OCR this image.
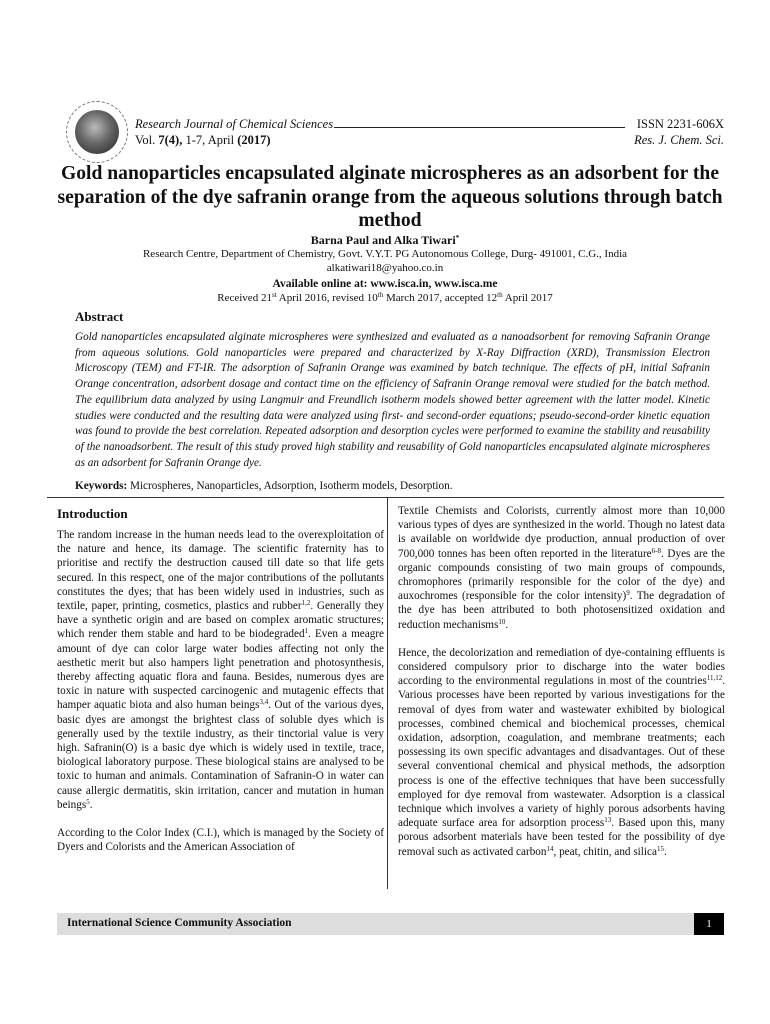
Research Journal of Chemical Sciences
Vol. 7(4), 1-7, April (2017)
ISSN 2231-606X
Res. J. Chem. Sci.
Gold nanoparticles encapsulated alginate microspheres as an adsorbent for the separation of the dye safranin orange from the aqueous solutions through batch method
Barna Paul and Alka Tiwari*
Research Centre, Department of Chemistry, Govt. V.Y.T. PG Autonomous College, Durg- 491001, C.G., India
alkatiwari18@yahoo.co.in
Available online at: www.isca.in, www.isca.me
Received 21st April 2016, revised 10th March 2017, accepted 12th April 2017
Abstract
Gold nanoparticles encapsulated alginate microspheres were synthesized and evaluated as a nanoadsorbent for removing Safranin Orange from aqueous solutions. Gold nanoparticles were prepared and characterized by X-Ray Diffraction (XRD), Transmission Electron Microscopy (TEM) and FT-IR. The adsorption of Safranin Orange was examined by batch technique. The effects of pH, initial Safranin Orange concentration, adsorbent dosage and contact time on the efficiency of Safranin Orange removal were studied for the batch method. The equilibrium data analyzed by using Langmuir and Freundlich isotherm models showed better agreement with the latter model. Kinetic studies were conducted and the resulting data were analyzed using first- and second-order equations; pseudo-second-order kinetic equation was found to provide the best correlation. Repeated adsorption and desorption cycles were performed to examine the stability and reusability of the nanoadsorbent. The result of this study proved high stability and reusability of Gold nanoparticles encapsulated alginate microspheres as an adsorbent for Safranin Orange dye.
Keywords: Microspheres, Nanoparticles, Adsorption, Isotherm models, Desorption.
Introduction

The random increase in the human needs lead to the overexploitation of the nature and hence, its damage. The scientific fraternity has to prioritise and rectify the destruction caused till date so that life gets secured. In this respect, one of the major contributions of the pollutants constitutes the dyes; that has been widely used in industries, such as textile, paper, printing, cosmetics, plastics and rubber$^{1,2}$. Generally they have a synthetic origin and are based on complex aromatic structures; which render them stable and hard to be biodegraded$^1$. Even a meagre amount of dye can color large water bodies affecting not only the aesthetic merit but also hampers light penetration and photosynthesis, thereby affecting aquatic flora and fauna. Besides, numerous dyes are toxic in nature with suspected carcinogenic and mutagenic effects that hamper aquatic biota and also human beings$^{3,4}$. Out of the various dyes, basic dyes are amongst the brightest class of soluble dyes which is generally used by the textile industry, as their tinctorial value is very high. Safranin(O) is a basic dye which is widely used in textile, trace, biological laboratory purpose. These biological stains are analysed to be toxic to human and animals. Contamination of Safranin-O in water can cause allergic dermatitis, skin irritation, cancer and mutation in human beings$^5$.

According to the Color Index (C.I.), which is managed by the Society of Dyers and Colorists and the American Association of

Textile Chemists and Colorists, currently almost more than 10,000 various types of dyes are synthesized in the world. Though no latest data is available on worldwide dye production, annual production of over 700,000 tonnes has been often reported in the literature$^{6-8}$. Dyes are the organic compounds consisting of two main groups of compounds, chromophores (primarily responsible for the color of the dye) and auxochromes (responsible for the color intensity)$^9$. The degradation of the dye has been attributed to both photosensitized oxidation and reduction mechanisms$^{10}$.

Hence, the decolorization and remediation of dye-containing effluents is considered compulsory prior to discharge into the water bodies according to the environmental regulations in most of the countries$^{11,12}$. Various processes have been reported by various investigations for the removal of dyes from water and wastewater exhibited by biological processes, combined chemical and biochemical processes, chemical oxidation, adsorption, coagulation, and membrane treatments; each possessing its own specific advantages and disadvantages. Out of these several conventional chemical and physical methods, the adsorption process is one of the effective techniques that have been successfully employed for dye removal from wastewater. Adsorption is a classical technique which involves a variety of highly porous adsorbents having adequate surface area for adsorption process$^{13}$. Based upon this, many porous adsorbent materials have been tested for the possibility of dye removal such as activated carbon$^{14}$, peat, chitin, and silica$^{15}$.

International Science Community Association	1
